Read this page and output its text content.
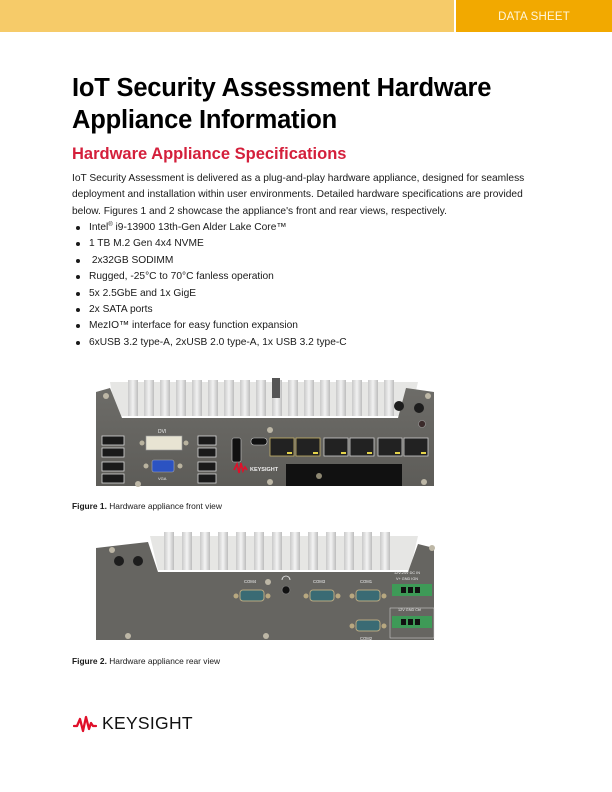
DATA SHEET
IoT Security Assessment Hardware Appliance Information
Hardware Appliance Specifications

IoT Security Assessment is delivered as a plug-and-play hardware appliance, designed for seamless deployment and installation within user environments. Detailed hardware specifications are provided below. Figures 1 and 2 showcase the appliance's front and rear views, respectively.

Intel® i9-13900 13th-Gen Alder Lake Core™
1 TB M.2 Gen 4x4 NVME
2x32GB SODIMM
Rugged, -25°C to 70°C fanless operation
5x 2.5GbE and 1x GigE
2x SATA ports
MezIO™ interface for easy function expansion
6xUSB 3.2 type-A, 2xUSB 2.0 type-A, 1x USB 3.2 type-C
DVI
VGA
KEYSIGHT

Figure 1. Hardware appliance front view

COM4	COM3	COM1
COM2
12V-24V DC IN
V+ GND IGN
12V GND Ctrl

Figure 2. Hardware appliance rear view

KEYSIGHT
